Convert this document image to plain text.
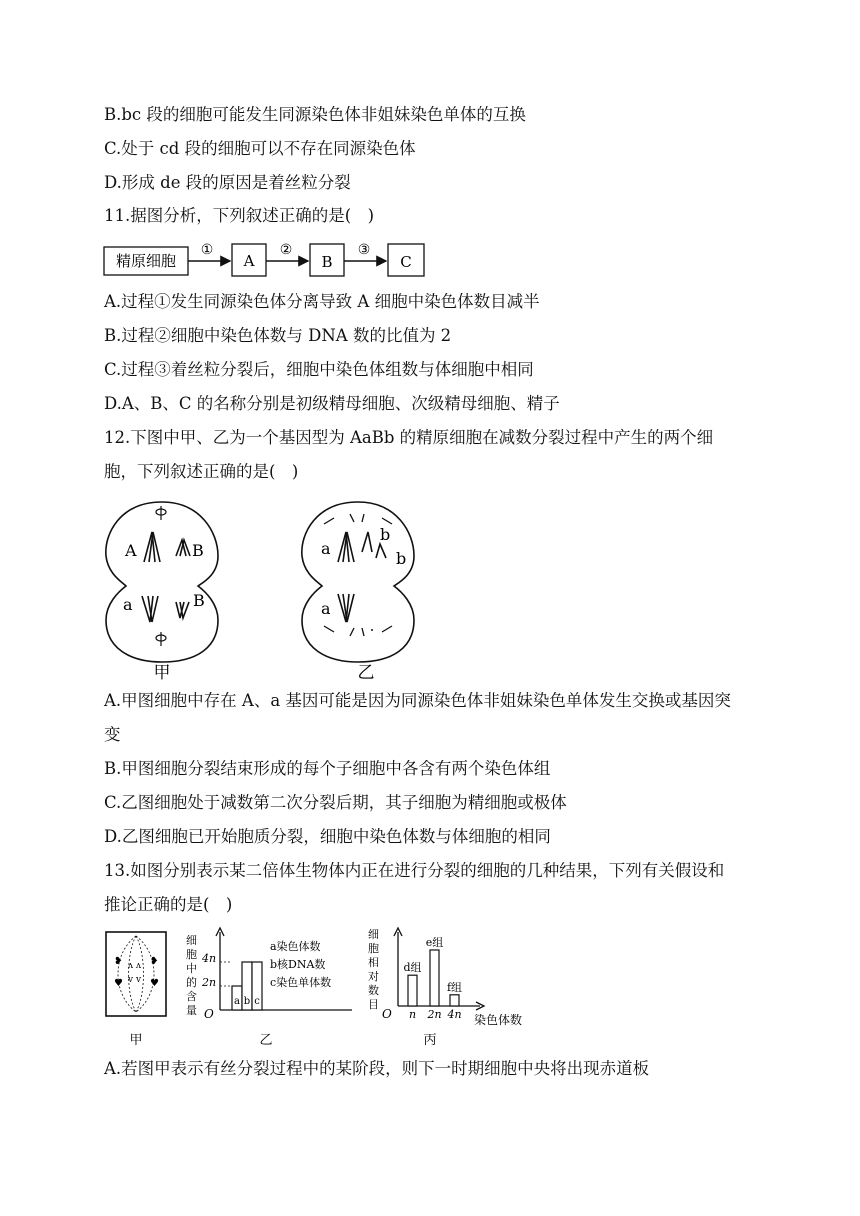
B.bc 段的细胞可能发生同源染色体非姐妹染色单体的互换
C.处于 cd 段的细胞可以不存在同源染色体
D.形成 de 段的原因是着丝粒分裂
11.据图分析，下列叙述正确的是(　)
精原细胞
①
A
②
B
③
C
A.过程①发生同源染色体分离导致 A 细胞中染色体数目减半
B.过程②细胞中染色体数与 DNA 数的比值为 2
C.过程③着丝粒分裂后，细胞中染色体组数与体细胞中相同
D.A、B、C 的名称分别是初级精母细胞、次级精母细胞、精子
12.下图中甲、乙为一个基因型为 AaBb 的精原细胞在减数分裂过程中产生的两个细
胞，下列叙述正确的是(　)
A	B
a	B
甲
a
b
b
a
乙
A.甲图细胞中存在 A、a 基因可能是因为同源染色体非姐妹染色单体发生交换或基因突
变
B.甲图细胞分裂结束形成的每个子细胞中各含有两个染色体组
C.乙图细胞处于减数第二次分裂后期，其子细胞为精细胞或极体
D.乙图细胞已开始胞质分裂，细胞中染色体数与体细胞的相同
13.如图分别表示某二倍体生物体内正在进行分裂的细胞的几种结果，下列有关假设和
推论正确的是(　)
❥	❥
ʌ ʌ
v v
♥	♥
甲
细
胞
中
的
含
量
4n
2n
O
a b c
a染色体数
b核DNA数
c染色单体数
乙
细
胞
相
对
数
目
O
d组
n
e组
2n
f组
4n 染色体数
丙
A.若图甲表示有丝分裂过程中的某阶段，则下一时期细胞中央将出现赤道板
